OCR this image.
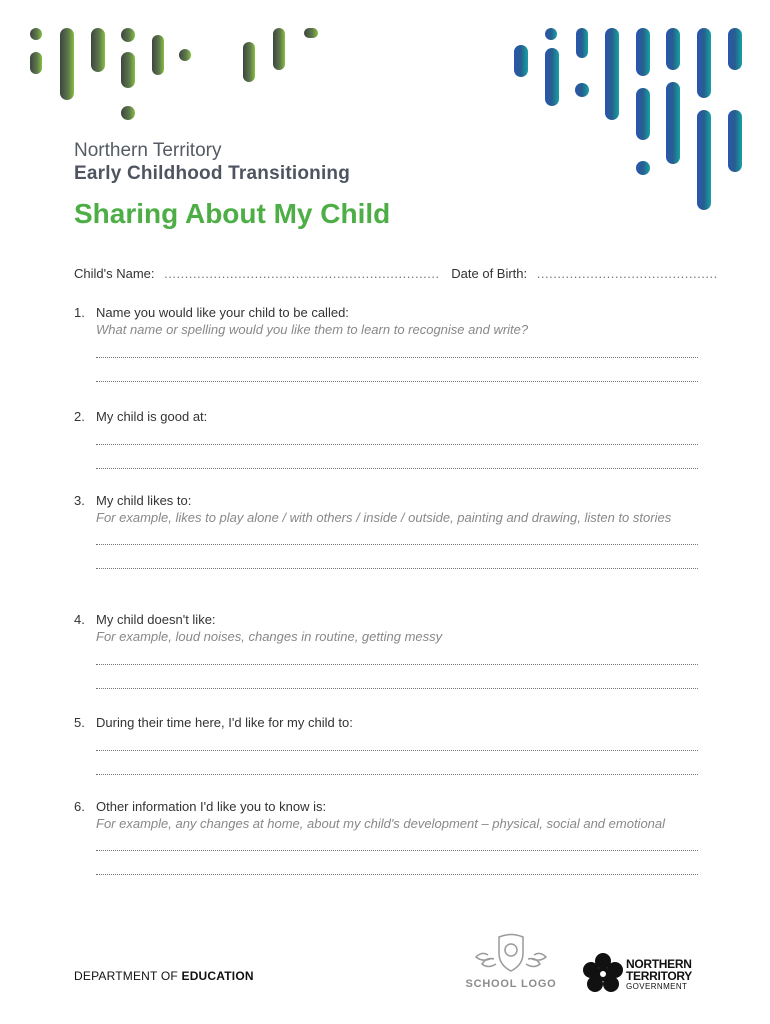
Northern Territory
Early Childhood Transitioning
Sharing About My Child
Child's Name: ................................................................... Date of Birth: ............................................
1. Name you would like your child to be called:
What name or spelling would you like them to learn to recognise and write?
2. My child is good at:
3. My child likes to:
For example, likes to play alone / with others / inside / outside, painting and drawing, listen to stories
4. My child doesn't like:
For example, loud noises, changes in routine, getting messy
5. During their time here, I'd like for my child to:
6. Other information I'd like you to know is:
For example, any changes at home, about my child's development – physical, social and emotional
DEPARTMENT OF EDUCATION
SCHOOL LOGO
NORTHERN
TERRITORY
GOVERNMENT
